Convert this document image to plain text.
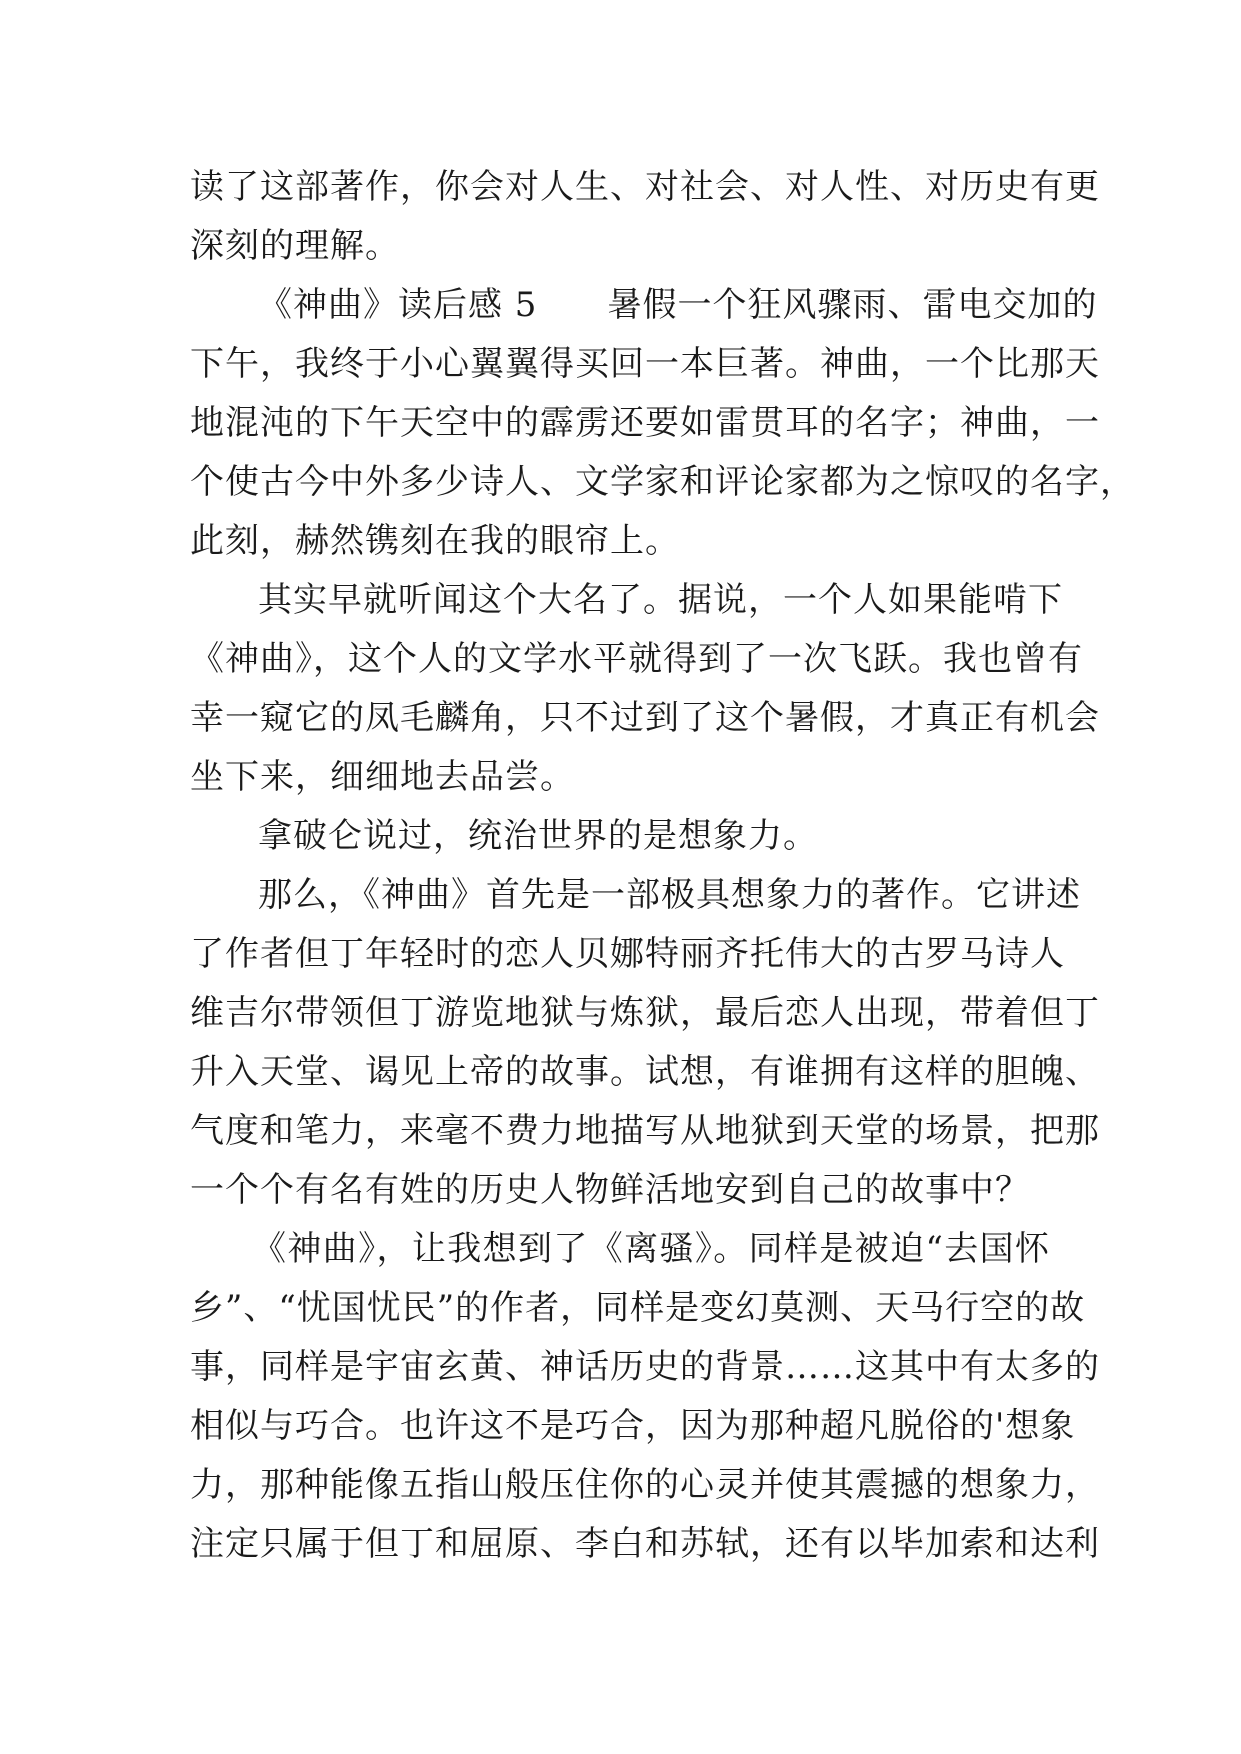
读了这部著作，你会对人生、对社会、对人性、对历史有更
深刻的理解。
《神曲》读后感 5　　暑假一个狂风骤雨、雷电交加的
下午，我终于小心翼翼得买回一本巨著。神曲，一个比那天
地混沌的下午天空中的霹雳还要如雷贯耳的名字；神曲，一
个使古今中外多少诗人、文学家和评论家都为之惊叹的名字，
此刻，赫然镌刻在我的眼帘上。
其实早就听闻这个大名了。据说，一个人如果能啃下
《神曲》，这个人的文学水平就得到了一次飞跃。我也曾有
幸一窥它的凤毛麟角，只不过到了这个暑假，才真正有机会
坐下来，细细地去品尝。
拿破仑说过，统治世界的是想象力。
那么，《神曲》首先是一部极具想象力的著作。它讲述
了作者但丁年轻时的恋人贝娜特丽齐托伟大的古罗马诗人
维吉尔带领但丁游览地狱与炼狱，最后恋人出现，带着但丁
升入天堂、谒见上帝的故事。试想，有谁拥有这样的胆魄、
气度和笔力，来毫不费力地描写从地狱到天堂的场景，把那
一个个有名有姓的历史人物鲜活地安到自己的故事中？
《神曲》，让我想到了《离骚》。同样是被迫“去国怀
乡”、“忧国忧民”的作者，同样是变幻莫测、天马行空的故
事，同样是宇宙玄黄、神话历史的背景……这其中有太多的
相似与巧合。也许这不是巧合，因为那种超凡脱俗的'想象
力，那种能像五指山般压住你的心灵并使其震撼的想象力，
注定只属于但丁和屈原、李白和苏轼，还有以毕加索和达利
